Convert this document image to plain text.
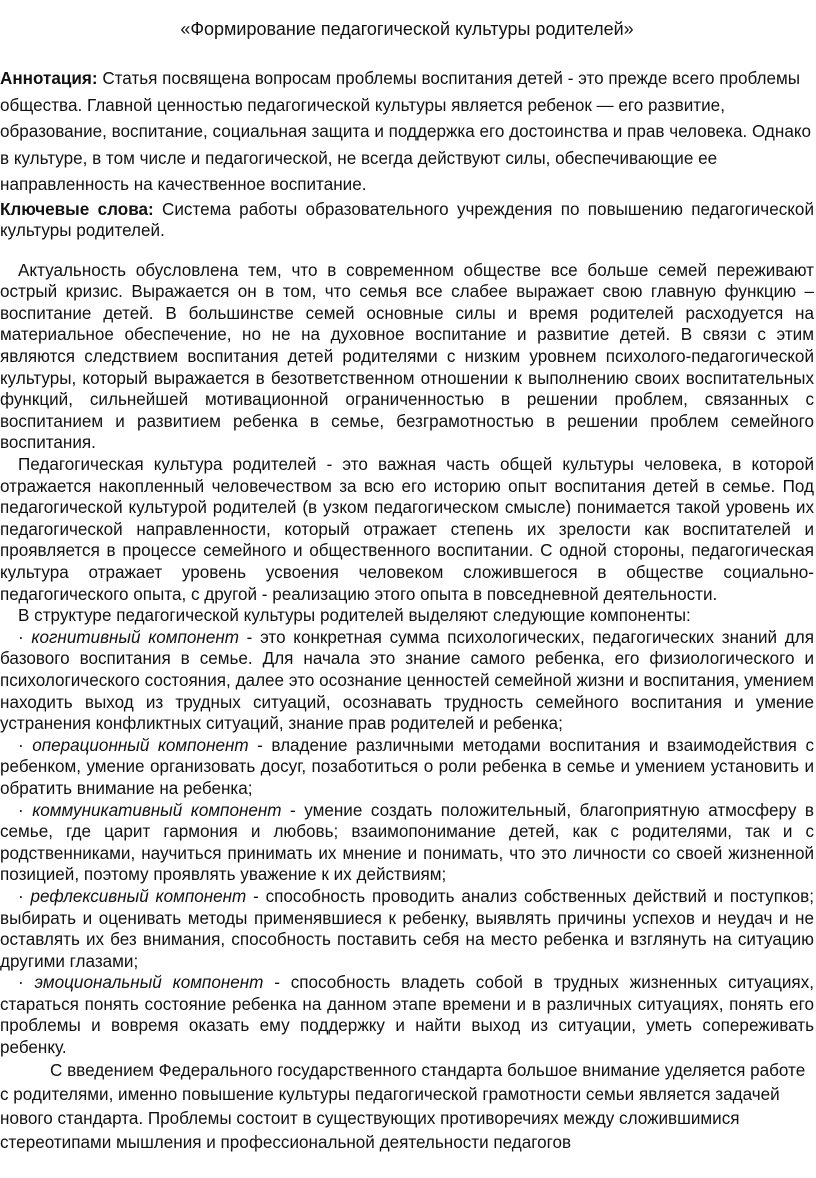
«Формирование педагогической культуры родителей»

Аннотация: Статья посвящена вопросам проблемы воспитания детей - это прежде всего проблемы общества. Главной ценностью педагогической культуры является ребенок — его развитие, образование, воспитание, социальная защита и поддержка его достоинства и прав человека. Однако в культуре, в том числе и педагогической, не всегда действуют силы, обеспечивающие ее направленность на качественное воспитание.

Ключевые слова: Система работы образовательного учреждения по повышению педагогической культуры родителей.

Актуальность обусловлена тем, что в современном обществе все больше семей переживают острый кризис. Выражается он в том, что семья все слабее выражает свою главную функцию – воспитание детей. В большинстве семей основные силы и время родителей расходуется на материальное обеспечение, но не на духовное воспитание и развитие детей. В связи с этим являются следствием воспитания детей родителями с низким уровнем психолого-педагогической культуры, который выражается в безответственном отношении к выполнению своих воспитательных функций, сильнейшей мотивационной ограниченностью в решении проблем, связанных с воспитанием и развитием ребенка в семье, безграмотностью в решении проблем семейного воспитания.

Педагогическая культура родителей - это важная часть общей культуры человека, в которой отражается накопленный человечеством за всю его историю опыт воспитания детей в семье. Под педагогической культурой родителей (в узком педагогическом смысле) понимается такой уровень их педагогической направленности, который отражает степень их зрелости как воспитателей и проявляется в процессе семейного и общественного воспитании. С одной стороны, педагогическая культура отражает уровень усвоения человеком сложившегося в обществе социально-педагогического опыта, с другой - реализацию этого опыта в повседневной деятельности.

В структуре педагогической культуры родителей выделяют следующие компоненты:

· когнитивный компонент - это конкретная сумма психологических, педагогических знаний для базового воспитания в семье. Для начала это знание самого ребенка, его физиологического и психологического состояния, далее это осознание ценностей семейной жизни и воспитания, умением находить выход из трудных ситуаций, осознавать трудность семейного воспитания и умение устранения конфликтных ситуаций, знание прав родителей и ребенка;

· операционный компонент - владение различными методами воспитания и взаимодействия с ребенком, умение организовать досуг, позаботиться о роли ребенка в семье и умением установить и обратить внимание на ребенка;

· коммуникативный компонент - умение создать положительный, благоприятную атмосферу в семье, где царит гармония и любовь; взаимопонимание детей, как с родителями, так и с родственниками, научиться принимать их мнение и понимать, что это личности со своей жизненной позицией, поэтому проявлять уважение к их действиям;

· рефлексивный компонент - способность проводить анализ собственных действий и поступков; выбирать и оценивать методы применявшиеся к ребенку, выявлять причины успехов и неудач и не оставлять их без внимания, способность поставить себя на место ребенка и взглянуть на ситуацию другими глазами;

· эмоциональный компонент - способность владеть собой в трудных жизненных ситуациях, стараться понять состояние ребенка на данном этапе времени и в различных ситуациях, понять его проблемы и вовремя оказать ему поддержку и найти выход из ситуации, уметь сопереживать ребенку.

С введением Федерального государственного стандарта большое внимание уделяется работе с родителями, именно повышение культуры педагогической грамотности семьи является задачей нового стандарта. Проблемы состоит в существующих противоречиях между сложившимися стереотипами мышления и профессиональной деятельности педагогов
